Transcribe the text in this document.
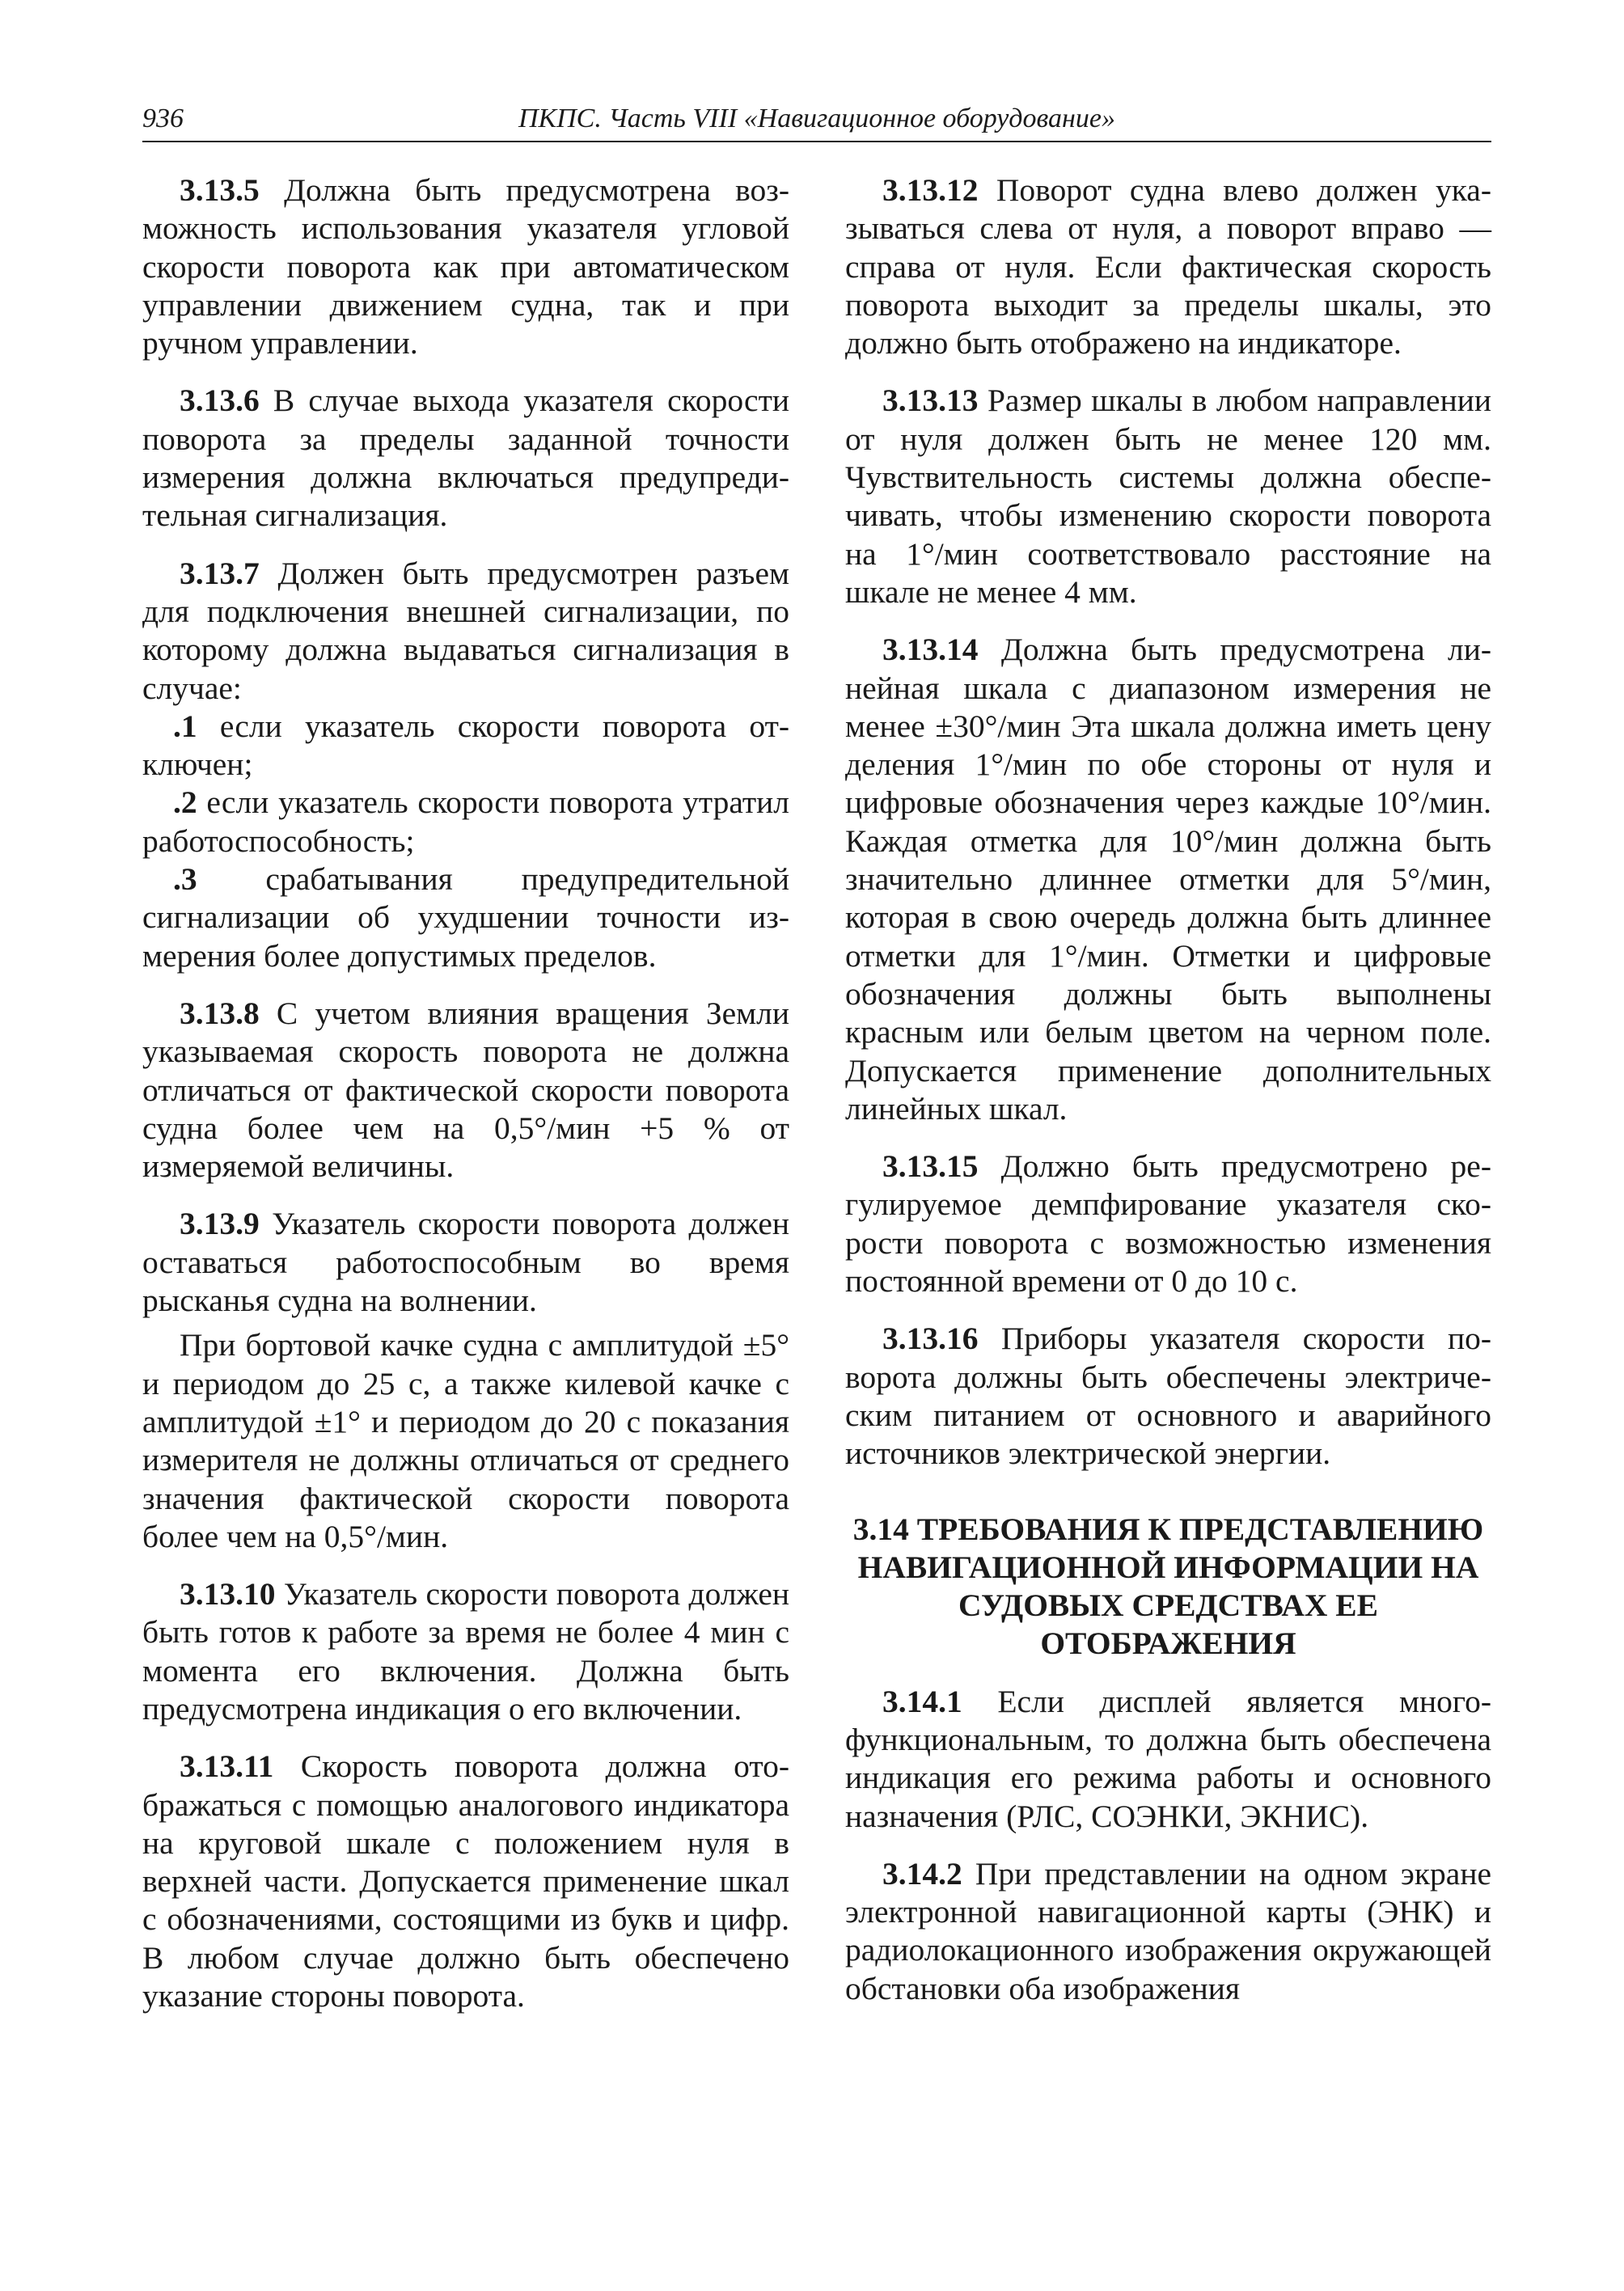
936	ПКПС. Часть VIII «Навигационное оборудование»

3.13.5 Должна быть предусмотрена возможность использования указателя угловой скорости поворота как при автоматическом управлении движением судна, так и при ручном управлении.

3.13.6 В случае выхода указателя скорости поворота за пределы заданной точности измерения должна включаться предупредительная сигнализация.

3.13.7 Должен быть предусмотрен разъем для подключения внешней сигнализации, по которому должна выдаваться сигнализация в случае:

.1 если указатель скорости поворота отключен;

.2 если указатель скорости поворота утратил работоспособность;

.3 срабатывания предупредительной сигнализации об ухудшении точности измерения более допустимых пределов.

3.13.8 С учетом влияния вращения Земли указываемая скорость поворота не должна отличаться от фактической скорости поворота судна более чем на 0,5°/мин +5 % от измеряемой величины.

3.13.9 Указатель скорости поворота должен оставаться работоспособным во время рысканья судна на волнении.

При бортовой качке судна с амплитудой ±5° и периодом до 25 с, а также килевой качке с амплитудой ±1° и периодом до 20 с показания измерителя не должны отличаться от среднего значения фактической скорости поворота более чем на 0,5°/мин.

3.13.10 Указатель скорости поворота должен быть готов к работе за время не более 4 мин с момента его включения. Должна быть предусмотрена индикация о его включении.

3.13.11 Скорость поворота должна отображаться с помощью аналогового индикатора на круговой шкале с положением нуля в верхней части. Допускается применение шкал с обозначениями, состоящими из букв и цифр. В любом случае должно быть обеспечено указание стороны поворота.

3.13.12 Поворот судна влево должен указываться слева от нуля, а поворот вправо — справа от нуля. Если фактическая скорость поворота выходит за пределы шкалы, это должно быть отображено на индикаторе.

3.13.13 Размер шкалы в любом направлении от нуля должен быть не менее 120 мм. Чувствительность системы должна обеспечивать, чтобы изменению скорости поворота на 1°/мин соответствовало расстояние на шкале не менее 4 мм.

3.13.14 Должна быть предусмотрена линейная шкала с диапазоном измерения не менее ±30°/мин Эта шкала должна иметь цену деления 1°/мин по обе стороны от нуля и цифровые обозначения через каждые 10°/мин. Каждая отметка для 10°/мин должна быть значительно длиннее отметки для 5°/мин, которая в свою очередь должна быть длиннее отметки для 1°/мин. Отметки и цифровые обозначения должны быть выполнены красным или белым цветом на черном поле. Допускается применение дополнительных линейных шкал.

3.13.15 Должно быть предусмотрено регулируемое демпфирование указателя скорости поворота с возможностью изменения постоянной времени от 0 до 10 с.

3.13.16 Приборы указателя скорости поворота должны быть обеспечены электрическим питанием от основного и аварийного источников электрической энергии.

3.14 ТРЕБОВАНИЯ К ПРЕДСТАВЛЕНИЮ НАВИГАЦИОННОЙ ИНФОРМАЦИИ НА СУДОВЫХ СРЕДСТВАХ ЕЕ ОТОБРАЖЕНИЯ

3.14.1 Если дисплей является многофункциональным, то должна быть обеспечена индикация его режима работы и основного назначения (РЛС, СОЭНКИ, ЭКНИС).

3.14.2 При представлении на одном экране электронной навигационной карты (ЭНК) и радиолокационного изображения окружающей обстановки оба изображения
